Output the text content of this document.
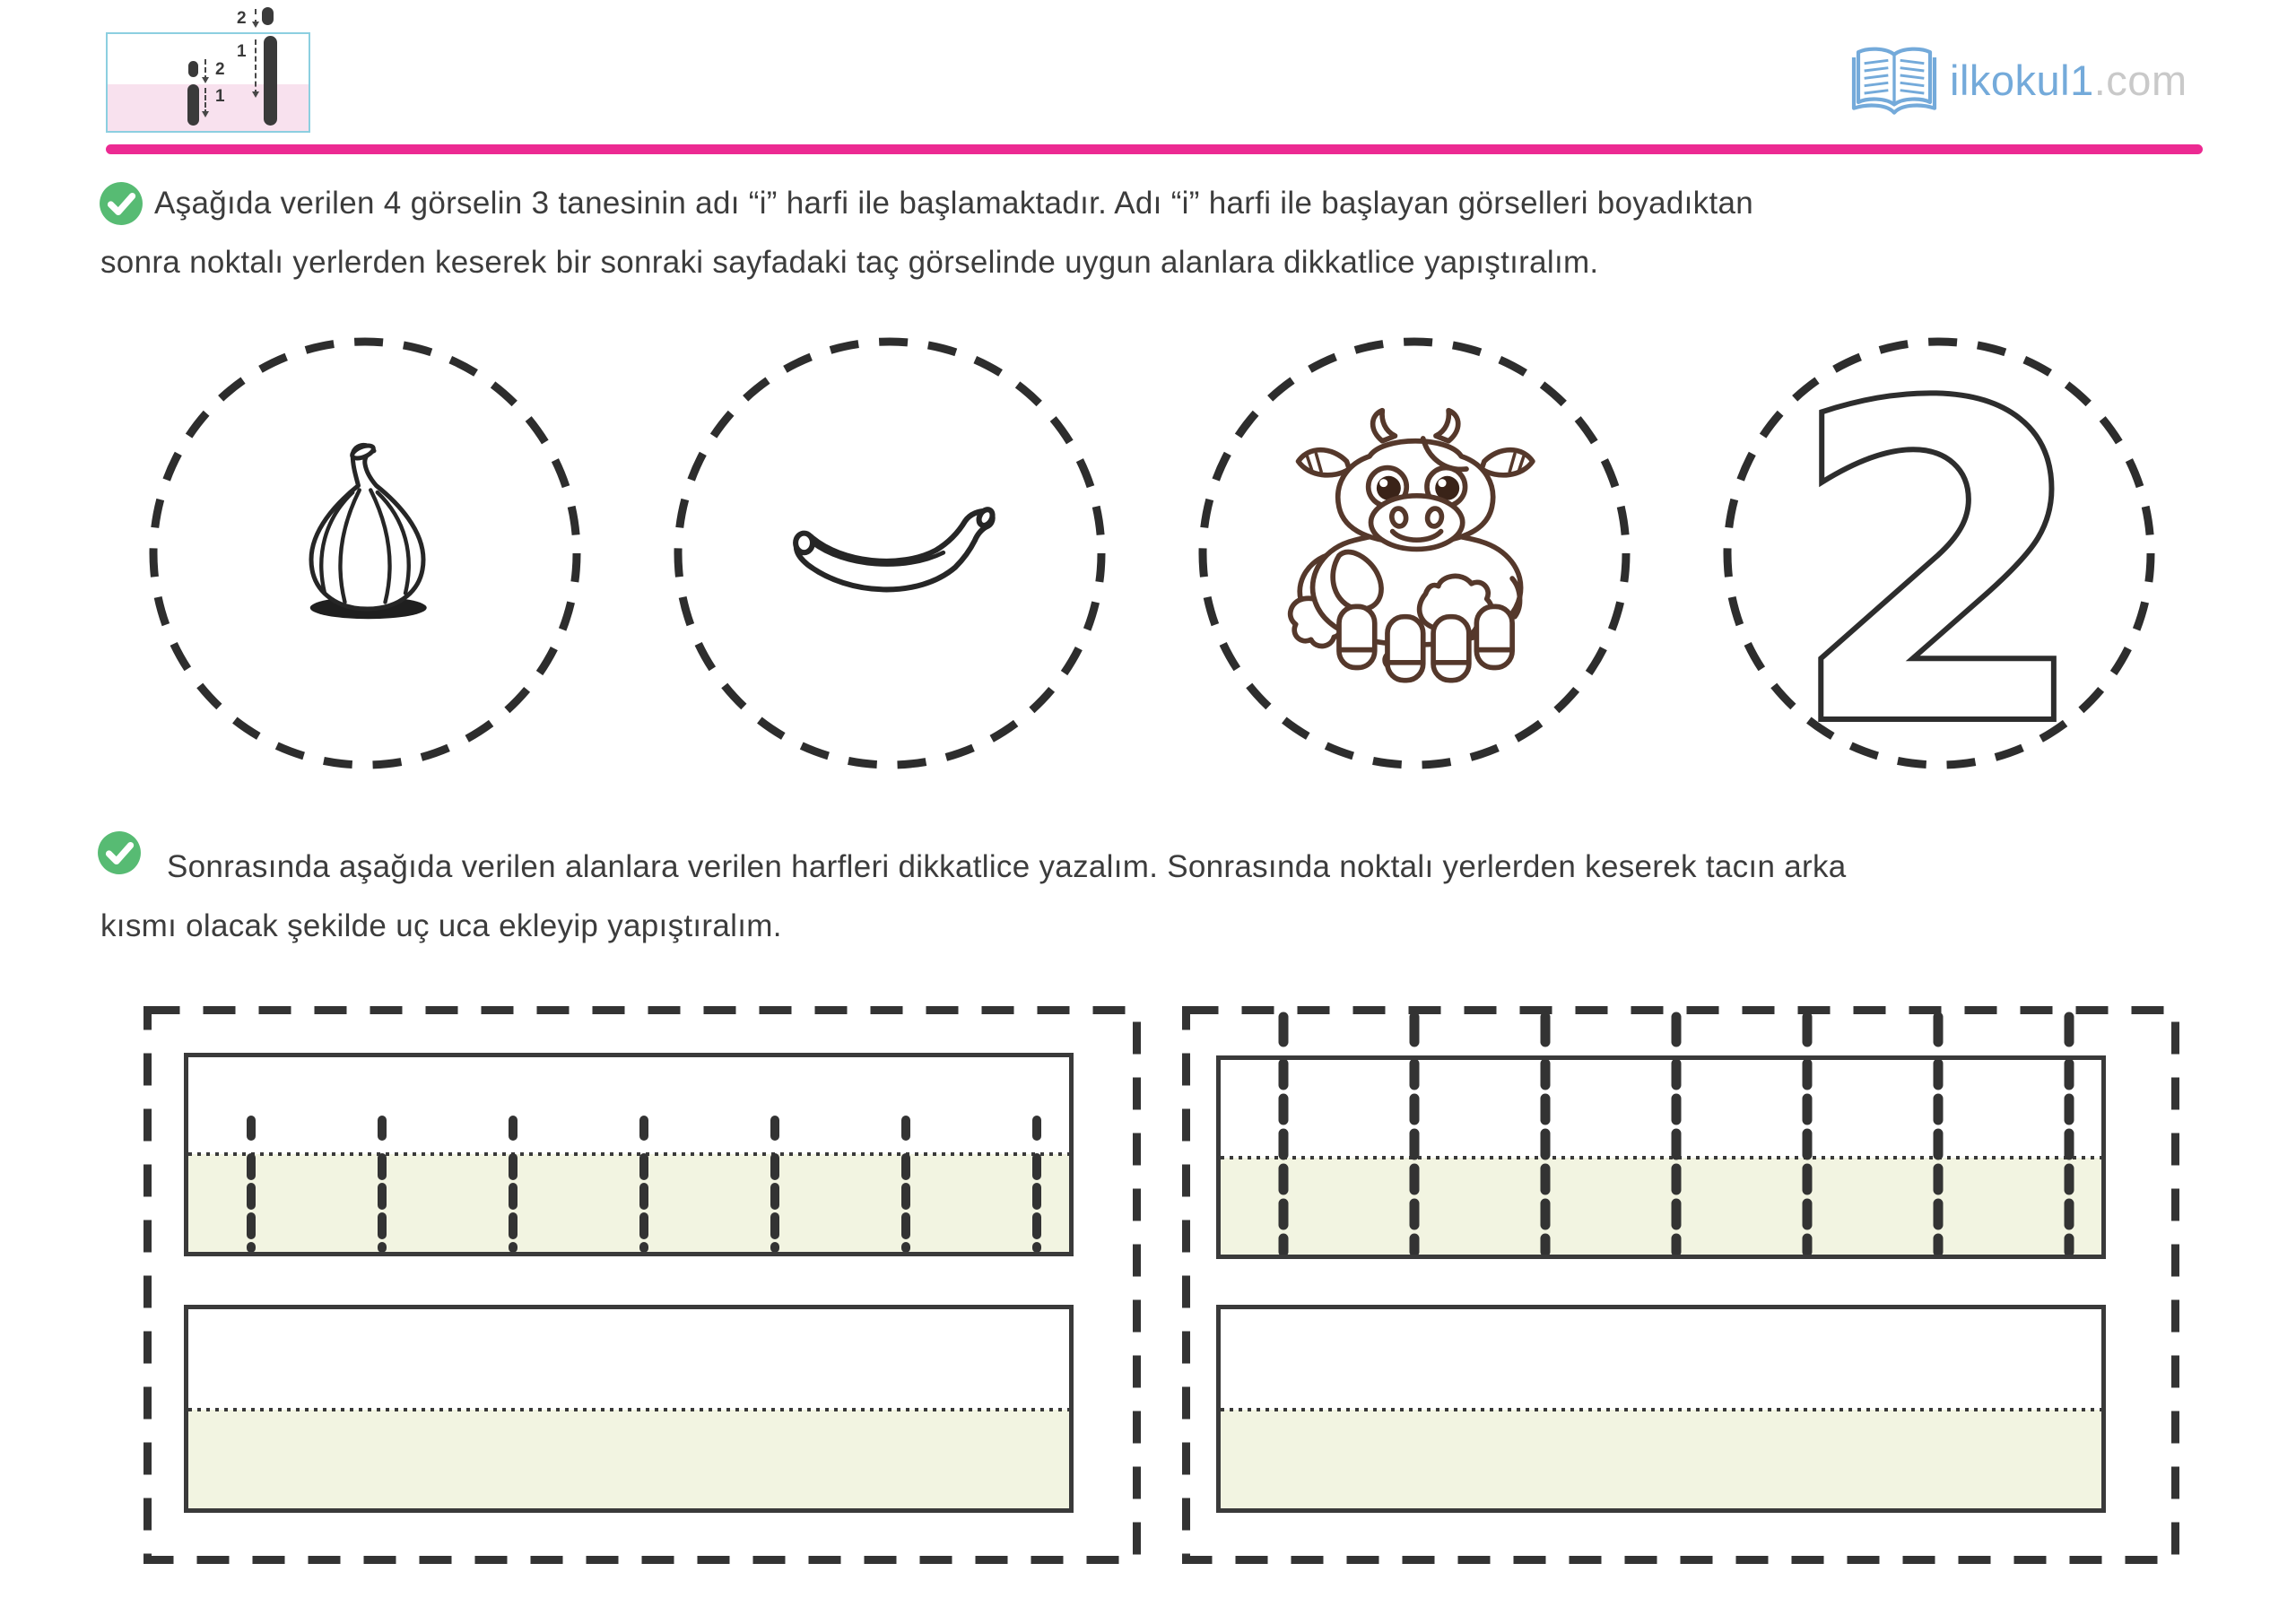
2
1
2
1
ilkokul1.com
Aşağıda verilen 4 görselin 3 tanesinin adı “i” harfi ile başlamaktadır. Adı “i” harfi ile başlayan görselleri boyadıktan
sonra noktalı yerlerden keserek bir sonraki sayfadaki taç görselinde uygun alanlara dikkatlice yapıştıralım.
2
Sonrasında aşağıda verilen alanlara verilen harfleri dikkatlice yazalım. Sonrasında noktalı yerlerden keserek tacın arka
kısmı olacak şekilde uç uca ekleyip yapıştıralım.
